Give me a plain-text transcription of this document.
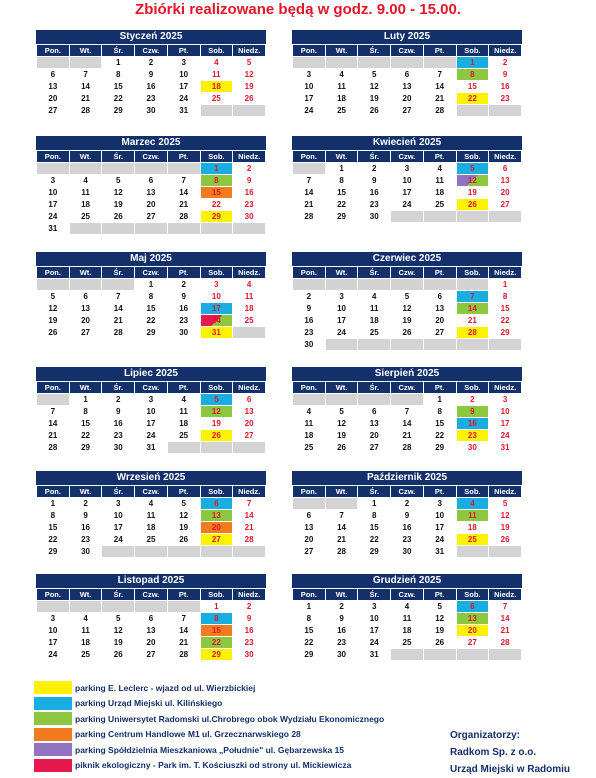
Zbiórki realizowane będą w godz. 9.00 - 15.00.
Styczeń 2025
Pon.	Wt.	Śr.	Czw.	Pt.	Sob.	Niedz.
		1	2	3	4	5
6	7	8	9	10	11	12
13	14	15	16	17	18	19
20	21	22	23	24	25	26
27	28	29	30	31		
Luty 2025
Pon.	Wt.	Śr.	Czw.	Pt.	Sob.	Niedz.
					1	2
3	4	5	6	7	8	9
10	11	12	13	14	15	16
17	18	19	20	21	22	23
24	25	26	27	28		
Marzec 2025
Pon.	Wt.	Śr.	Czw.	Pt.	Sob.	Niedz.
					1	2
3	4	5	6	7	8	9
10	11	12	13	14	15	16
17	18	19	20	21	22	23
24	25	26	27	28	29	30
31						
Kwiecień 2025
Pon.	Wt.	Śr.	Czw.	Pt.	Sob.	Niedz.
	1	2	3	4	5	6
7	8	9	10	11	12	13
14	15	16	17	18	19	20
21	22	23	24	25	26	27
28	29	30				
Maj 2025
Pon.	Wt.	Śr.	Czw.	Pt.	Sob.	Niedz.
			1	2	3	4
5	6	7	8	9	10	11
12	13	14	15	16	17	18
19	20	21	22	23	24	25
26	27	28	29	30	31	
Czerwiec 2025
Pon.	Wt.	Śr.	Czw.	Pt.	Sob.	Niedz.
						1
2	3	4	5	6	7	8
9	10	11	12	13	14	15
16	17	18	19	20	21	22
23	24	25	26	27	28	29
30						
Lipiec 2025
Pon.	Wt.	Śr.	Czw.	Pt.	Sob.	Niedz.
	1	2	3	4	5	6
7	8	9	10	11	12	13
14	15	16	17	18	19	20
21	22	23	24	25	26	27
28	29	30	31			
Sierpień 2025
Pon.	Wt.	Śr.	Czw.	Pt.	Sob.	Niedz.
				1	2	3
4	5	6	7	8	9	10
11	12	13	14	15	16	17
18	19	20	21	22	23	24
25	26	27	28	29	30	31
Wrzesień 2025
Pon.	Wt.	Śr.	Czw.	Pt.	Sob.	Niedz.
1	2	3	4	5	6	7
8	9	10	11	12	13	14
15	16	17	18	19	20	21
22	23	24	25	26	27	28
29	30					
Październik 2025
Pon.	Wt.	Śr.	Czw.	Pt.	Sob.	Niedz.
		1	2	3	4	5
6	7	8	9	10	11	12
13	14	15	16	17	18	19
20	21	22	23	24	25	26
27	28	29	30	31		
Listopad 2025
Pon.	Wt.	Śr.	Czw.	Pt.	Sob.	Niedz.
					1	2
3	4	5	6	7	8	9
10	11	12	13	14	15	16
17	18	19	20	21	22	23
24	25	26	27	28	29	30
Grudzień 2025
Pon.	Wt.	Śr.	Czw.	Pt.	Sob.	Niedz.
1	2	3	4	5	6	7
8	9	10	11	12	13	14
15	16	17	18	19	20	21
22	23	24	25	26	27	28
29	30	31				
parking E. Leclerc - wjazd od ul. Wierzbickiej
parking Urząd Miejski ul. Kilińskiego
parking Uniwersytet Radomski ul.Chrobrego obok Wydziału Ekonomicznego
parking Centrum Handlowe M1 ul. Grzecznarwskiego 28
parking Spółdzielnia Mieszkaniowa „Południe" ul. Gębarzewska 15
piknik ekologiczny - Park im. T. Kościuszki od strony ul. Mickiewicza
Organizatorzy:
Radkom Sp. z o.o.
Urząd Miejski w Radomiu
